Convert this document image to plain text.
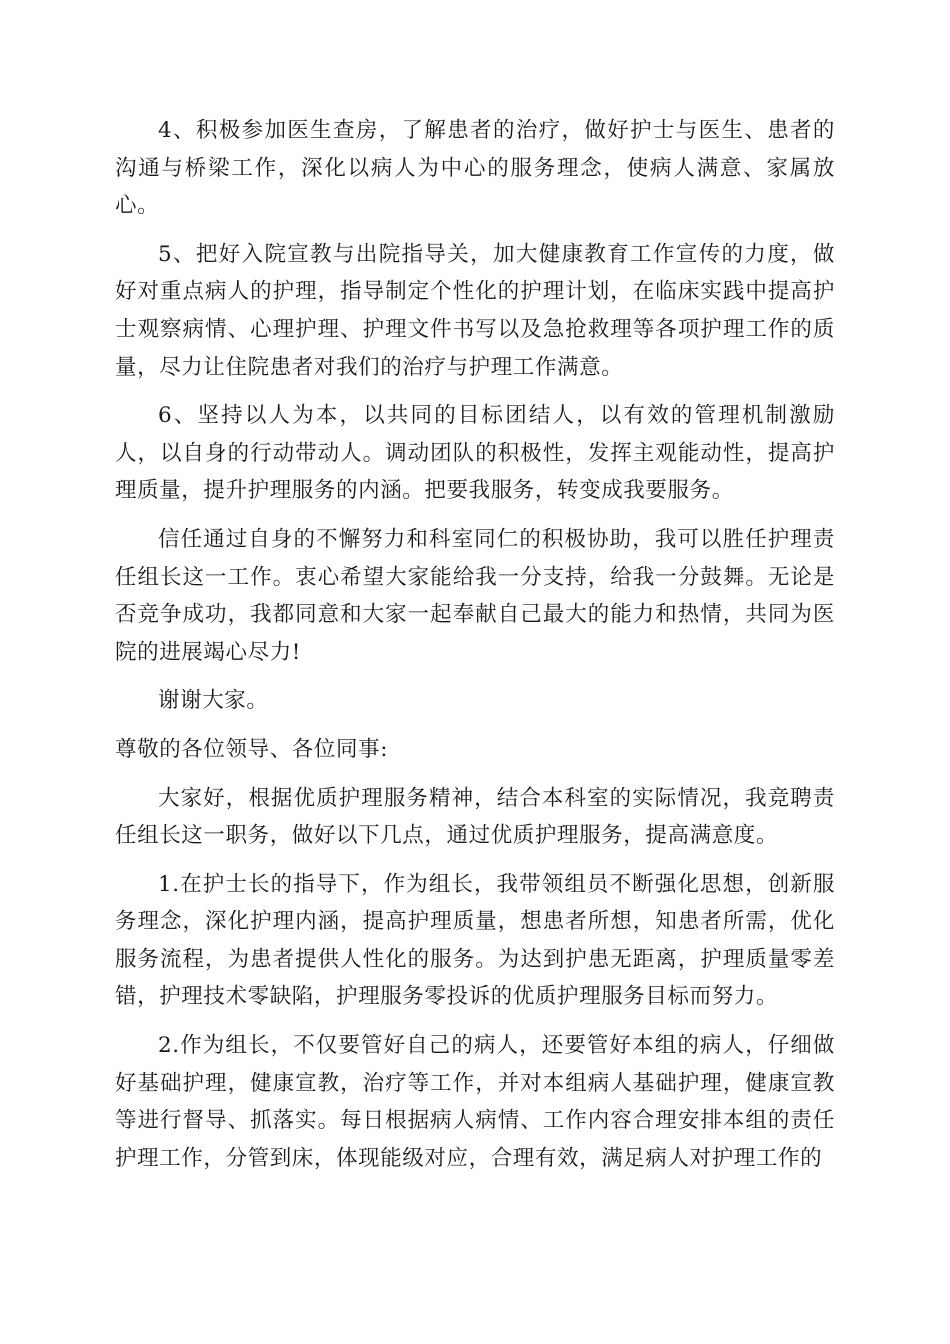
4、积极参加医生查房，了解患者的治疗，做好护士与医生、患者的沟通与桥梁工作，深化以病人为中心的服务理念，使病人满意、家属放心。

5、把好入院宣教与出院指导关，加大健康教育工作宣传的力度，做好对重点病人的护理，指导制定个性化的护理计划，在临床实践中提高护士观察病情、心理护理、护理文件书写以及急抢救理等各项护理工作的质量，尽力让住院患者对我们的治疗与护理工作满意。

6、坚持以人为本，以共同的目标团结人，以有效的管理机制激励人，以自身的行动带动人。调动团队的积极性，发挥主观能动性，提高护理质量，提升护理服务的内涵。把要我服务，转变成我要服务。

信任通过自身的不懈努力和科室同仁的积极协助，我可以胜任护理责任组长这一工作。衷心希望大家能给我一分支持，给我一分鼓舞。无论是否竞争成功，我都同意和大家一起奉献自己最大的能力和热情，共同为医院的进展竭心尽力!

谢谢大家。

尊敬的各位领导、各位同事:

大家好，根据优质护理服务精神，结合本科室的实际情况，我竞聘责任组长这一职务，做好以下几点，通过优质护理服务，提高满意度。

1.在护士长的指导下，作为组长，我带领组员不断强化思想，创新服务理念，深化护理内涵，提高护理质量，想患者所想，知患者所需，优化服务流程，为患者提供人性化的服务。为达到护患无距离，护理质量零差错，护理技术零缺陷，护理服务零投诉的优质护理服务目标而努力。

2.作为组长，不仅要管好自己的病人，还要管好本组的病人，仔细做好基础护理，健康宣教，治疗等工作，并对本组病人基础护理，健康宣教等进行督导、抓落实。每日根据病人病情、工作内容合理安排本组的责任护理工作，分管到床，体现能级对应，合理有效，满足病人对护理工作的
